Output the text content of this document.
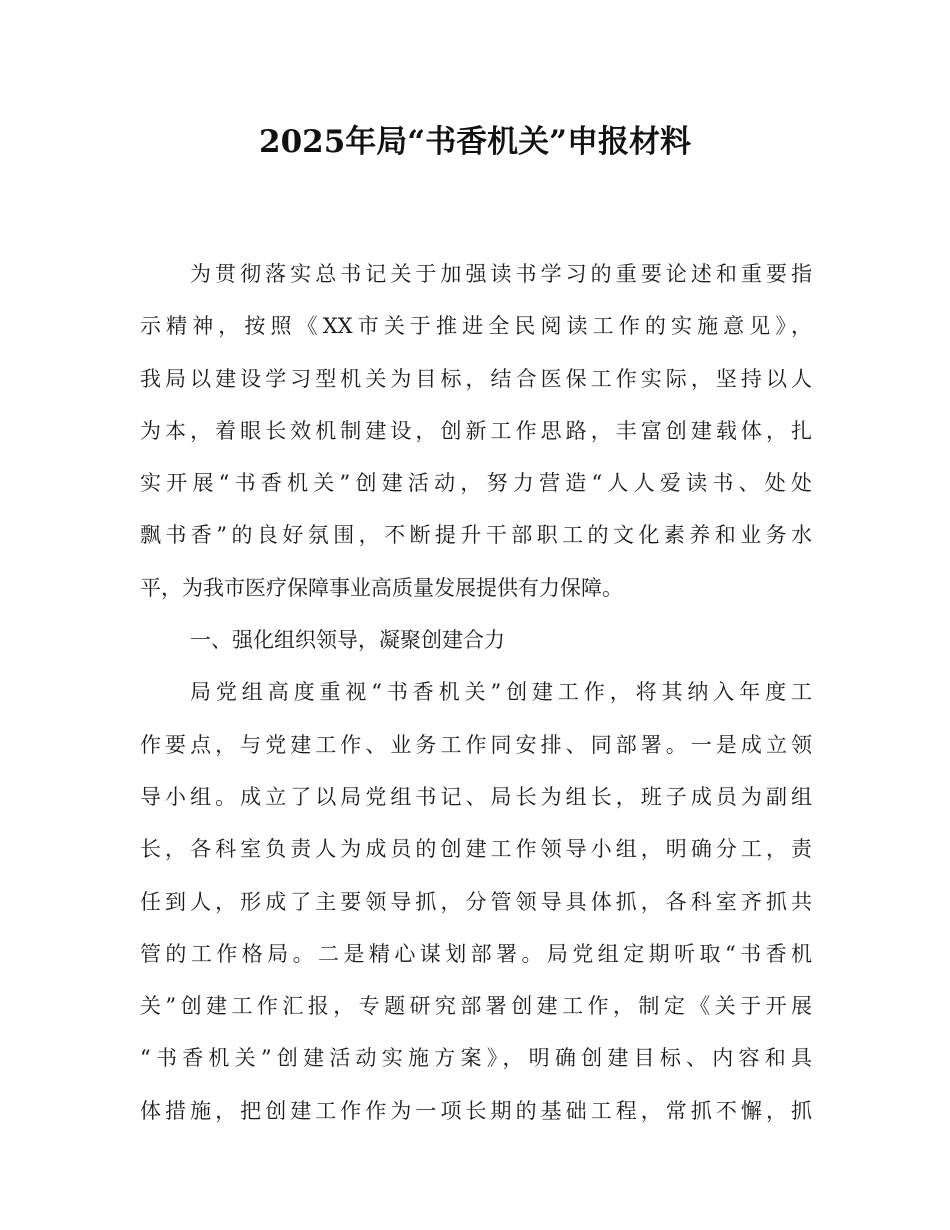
2025年局“书香机关”申报材料
为贯彻落实总书记关于加强读书学习的重要论述和重要指
示精神，按照《XX市关于推进全民阅读工作的实施意见》，
我局以建设学习型机关为目标，结合医保工作实际，坚持以人
为本，着眼长效机制建设，创新工作思路，丰富创建载体，扎
实开展“书香机关”创建活动，努力营造“人人爱读书、处处
飘书香”的良好氛围，不断提升干部职工的文化素养和业务水
平，为我市医疗保障事业高质量发展提供有力保障。
一、强化组织领导，凝聚创建合力
局党组高度重视“书香机关”创建工作，将其纳入年度工
作要点，与党建工作、业务工作同安排、同部署。一是成立领
导小组。成立了以局党组书记、局长为组长，班子成员为副组
长，各科室负责人为成员的创建工作领导小组，明确分工，责
任到人，形成了主要领导抓，分管领导具体抓，各科室齐抓共
管的工作格局。二是精心谋划部署。局党组定期听取“书香机
关”创建工作汇报，专题研究部署创建工作，制定《关于开展
“书香机关”创建活动实施方案》，明确创建目标、内容和具
体措施，把创建工作作为一项长期的基础工程，常抓不懈，抓
